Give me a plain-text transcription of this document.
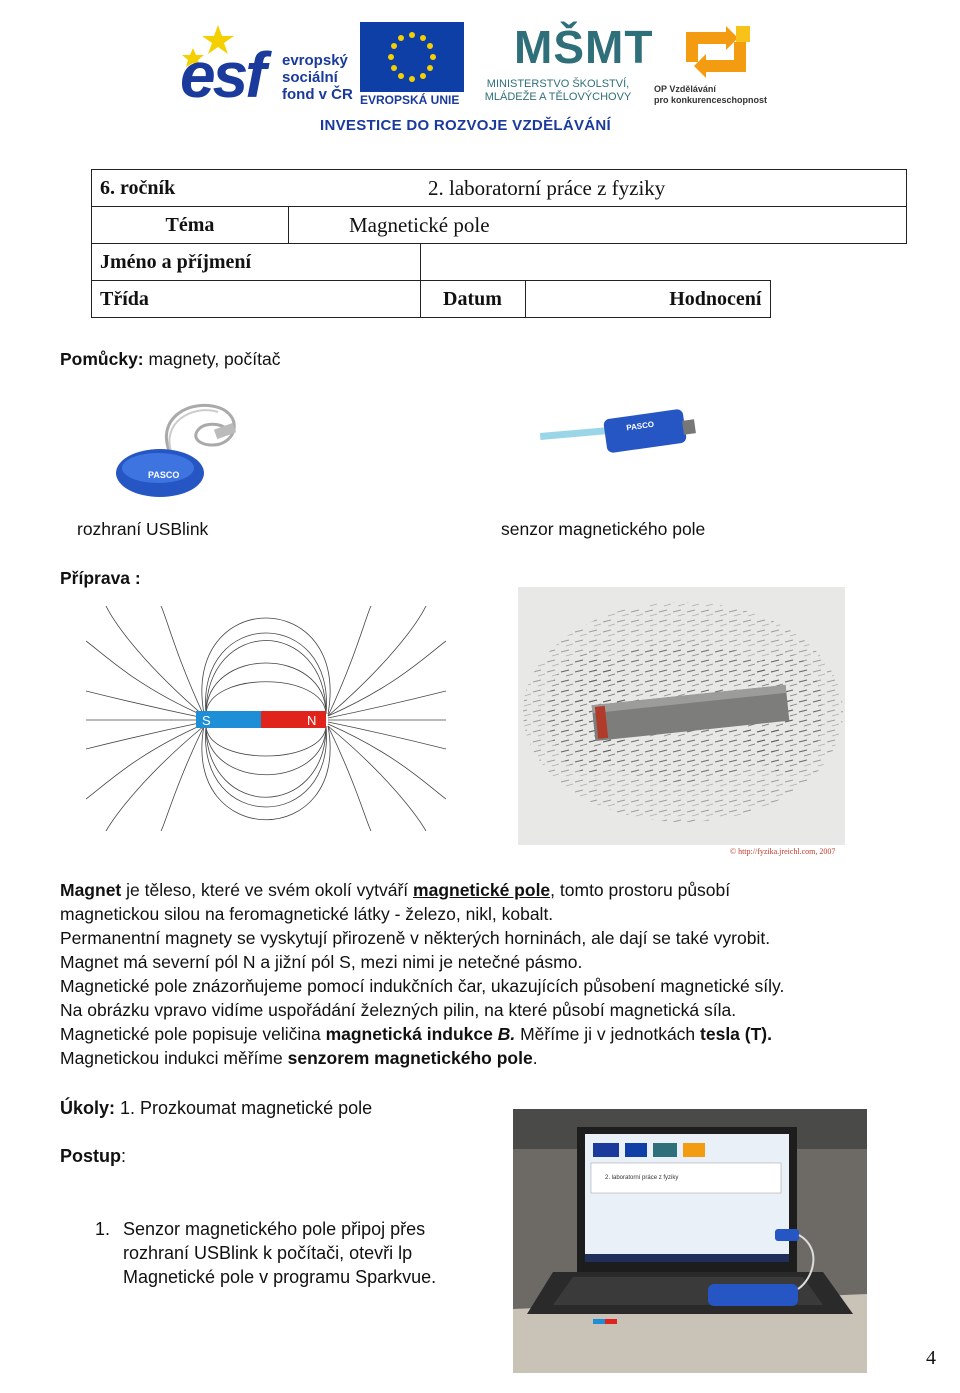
esf evropský
sociální
fond v ČR EVROPSKÁ UNIE
MŠMT
MINISTERSTVO ŠKOLSTVÍ,
MLÁDEŽE A TĚLOVÝCHOVY
OP Vzdělávání
pro konkurenceschopnost
INVESTICE DO ROZVOJE VZDĚLÁVÁNÍ
6. ročník		2. laboratorní práce z fyziky		
Téma	Magnetické pole			
Jméno a příjmení				
Třída		Datum	Hodnocení	
Pomůcky: magnety, počítač
PASCO
PASCO
rozhraní USBlink	senzor magnetického pole
Příprava :
S	N
© http://fyzika.jreichl.com, 2007
Magnet je těleso, které ve svém okolí vytváří magnetické pole, tomto prostoru působí
magnetickou silou na feromagnetické látky - železo, nikl, kobalt.
Permanentní magnety se vyskytují přirozeně v některých horninách, ale dají se také vyrobit.
Magnet má severní pól N a jižní pól S, mezi nimi je netečné pásmo.
Magnetické pole znázorňujeme pomocí indukčních čar, ukazujících působení magnetické síly.
Na obrázku vpravo vidíme uspořádání železných pilin, na které působí magnetická síla.
Magnetické pole popisuje veličina magnetická indukce B. Měříme ji v jednotkách tesla (T).
Magnetickou indukci měříme senzorem magnetického pole.
Úkoly: 1. Prozkoumat magnetické pole
Postup:
1. Senzor magnetického pole připoj přes
rozhraní USBlink k počítači, otevři lp
Magnetické pole v programu Sparkvue.
2. laboratorní práce z fyziky
4
